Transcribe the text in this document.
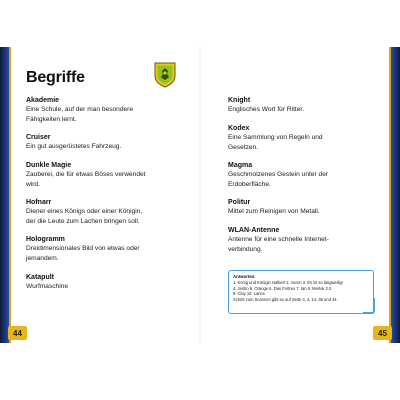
Begriffe
Akademie
Eine Schule, auf der man besondere
Fähigkeiten lernt.
Cruiser
Ein gut ausgerüstetes Fahrzeug.
Dunkle Magie
Zauberei, die für etwas Böses verwendet
wird.
Hofnarr
Diener eines Königs oder einer Königin,
der die Leute zum Lachen bringen soll.
Hologramm
Dreidimensionales Bild von etwas oder
jemandem.
Katapult
Wurfmaschine
Knight
Englisches Wort für Ritter.
Kodex
Eine Sammlung von Regeln und
Gesetzen.
Magma
Geschmolzenes Gestein unter der
Erdoberfläche.
Politur
Mittel zum Reinigen von Metall.
WLAN-Antenne
Antenne für eine schnelle Internet-
verbindung.
Antworten:
1. König und Königin Halbert 2. Aaron 3. Es ist so langweilig!
4. Jestro 5. Orange 6. Das Fortrex 7. Ian 8. Merlok 2.0
9. Clay 10. Lance
Schritt zum Scannen gibt es auf Seite 3, 4, 14, 36 und 44.
44	45
